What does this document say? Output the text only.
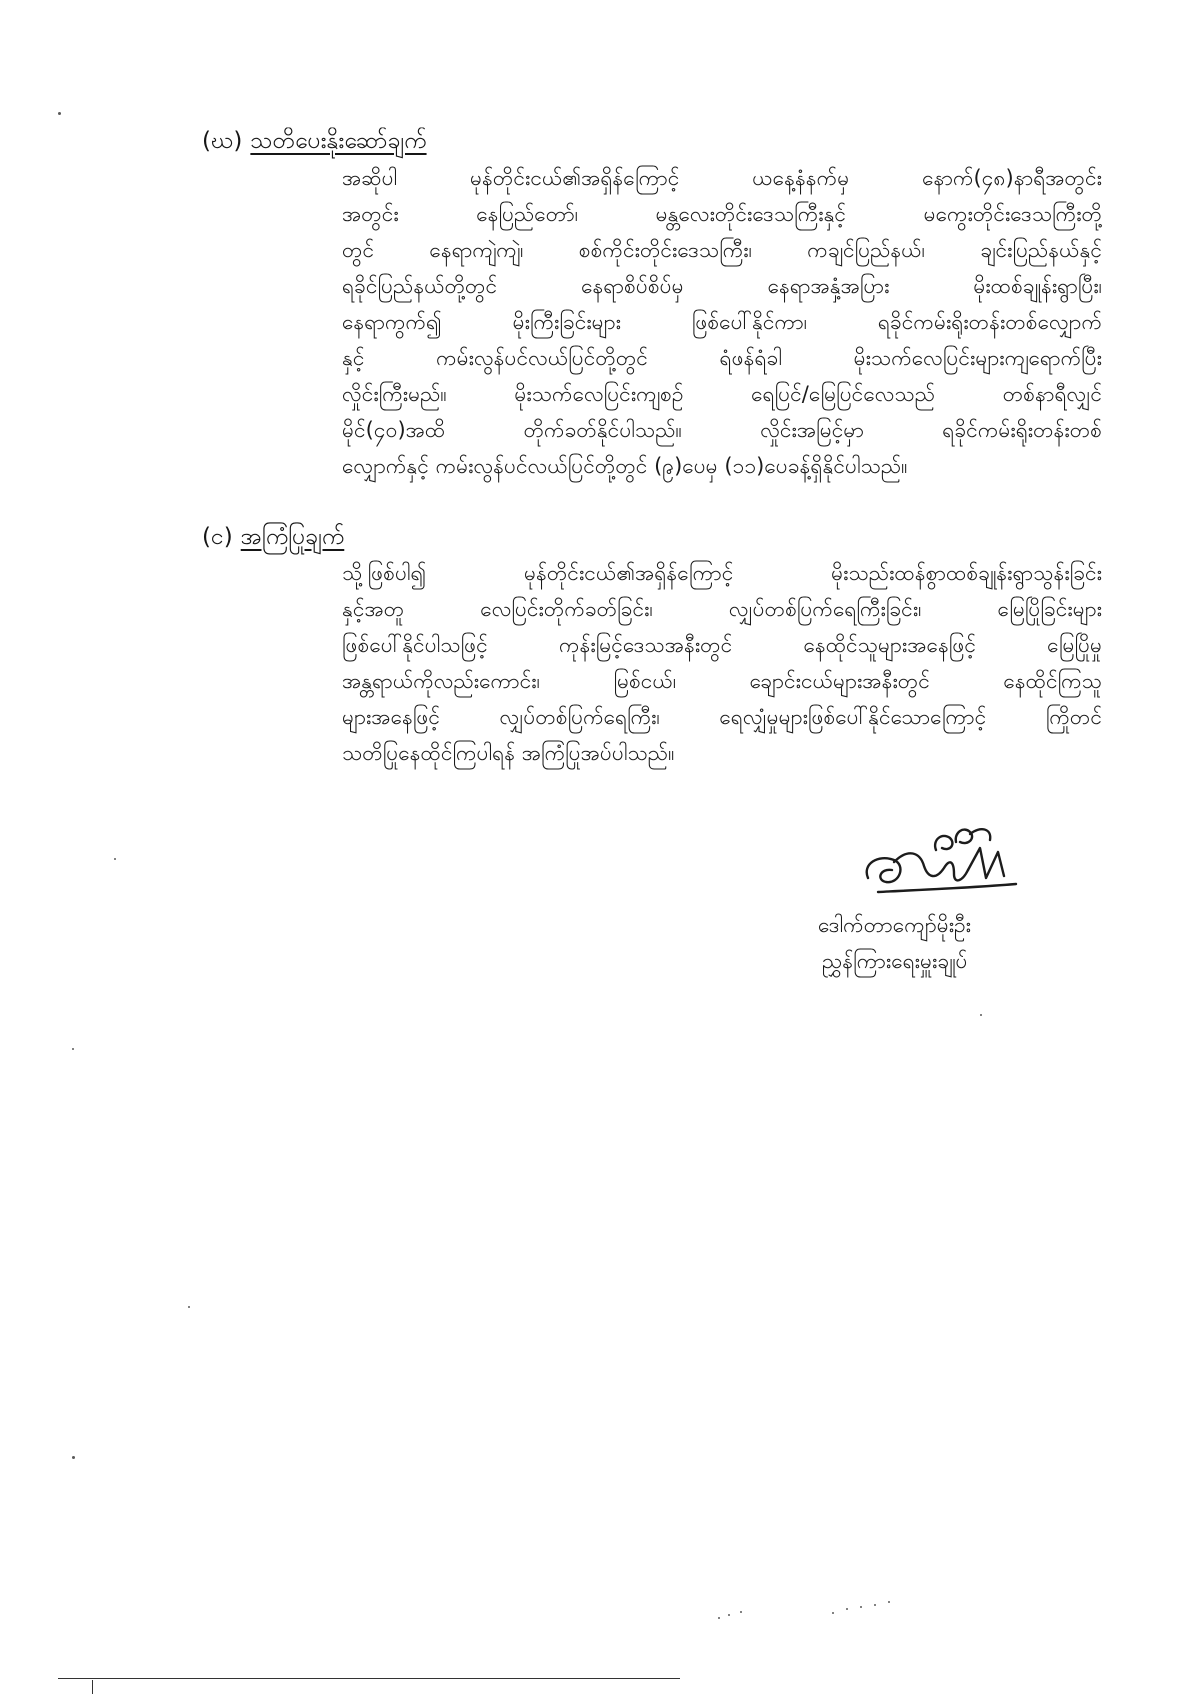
(ဃ) သတိပေးနိုးဆော်ချက်
အဆိုပါ မုန်တိုင်းငယ်၏အရှိန်ကြောင့် ယနေ့နံနက်မှ နောက်(၄၈)နာရီအတွင်း
အတွင်း နေပြည်တော်၊ မန္တလေးတိုင်းဒေသကြီးနှင့် မကွေးတိုင်းဒေသကြီးတို့
တွင် နေရာကျဲကျဲ၊ စစ်ကိုင်းတိုင်းဒေသကြီး၊ ကချင်ပြည်နယ်၊ ချင်းပြည်နယ်နှင့်
ရခိုင်ပြည်နယ်တို့တွင် နေရာစိပ်စိပ်မှ နေရာအနှံ့အပြား မိုးထစ်ချုန်းရွာပြီး၊
နေရာကွက်၍ မိုးကြီးခြင်းများ ဖြစ်ပေါ်နိုင်ကာ၊ ရခိုင်ကမ်းရိုးတန်းတစ်လျှောက်
နှင့် ကမ်းလွန်ပင်လယ်ပြင်တို့တွင် ရံဖန်ရံခါ မိုးသက်လေပြင်းများကျရောက်ပြီး
လှိုင်းကြီးမည်။ မိုးသက်လေပြင်းကျစဉ် ရေပြင်/မြေပြင်လေသည် တစ်နာရီလျှင်
မိုင်(၄၀)အထိ တိုက်ခတ်နိုင်ပါသည်။ လှိုင်းအမြင့်မှာ ရခိုင်ကမ်းရိုးတန်းတစ်
လျှောက်နှင့် ကမ်းလွန်ပင်လယ်ပြင်တို့တွင် (၉)ပေမှ (၁၁)ပေခန့်ရှိနိုင်ပါသည်။
(င) အကြံပြုချက်
သို့ဖြစ်ပါ၍ မုန်တိုင်းငယ်၏အရှိန်ကြောင့် မိုးသည်းထန်စွာထစ်ချုန်းရွာသွန်းခြင်း
နှင့်အတူ လေပြင်းတိုက်ခတ်ခြင်း၊ လျှပ်တစ်ပြက်ရေကြီးခြင်း၊ မြေပြိုခြင်းများ
ဖြစ်ပေါ်နိုင်ပါသဖြင့် ကုန်းမြင့်ဒေသအနီးတွင် နေထိုင်သူများအနေဖြင့် မြေပြိုမှု
အန္တရာယ်ကိုလည်းကောင်း၊ မြစ်ငယ်၊ ချောင်းငယ်များအနီးတွင် နေထိုင်ကြသူ
များအနေဖြင့် လျှပ်တစ်ပြက်ရေကြီး၊ ရေလျှံမှုများဖြစ်ပေါ်နိုင်သောကြောင့် ကြိုတင်
သတိပြုနေထိုင်ကြပါရန် အကြံပြုအပ်ပါသည်။
ဒေါက်တာကျော်မိုးဦး
ညွှန်ကြားရေးမှူးချုပ်
